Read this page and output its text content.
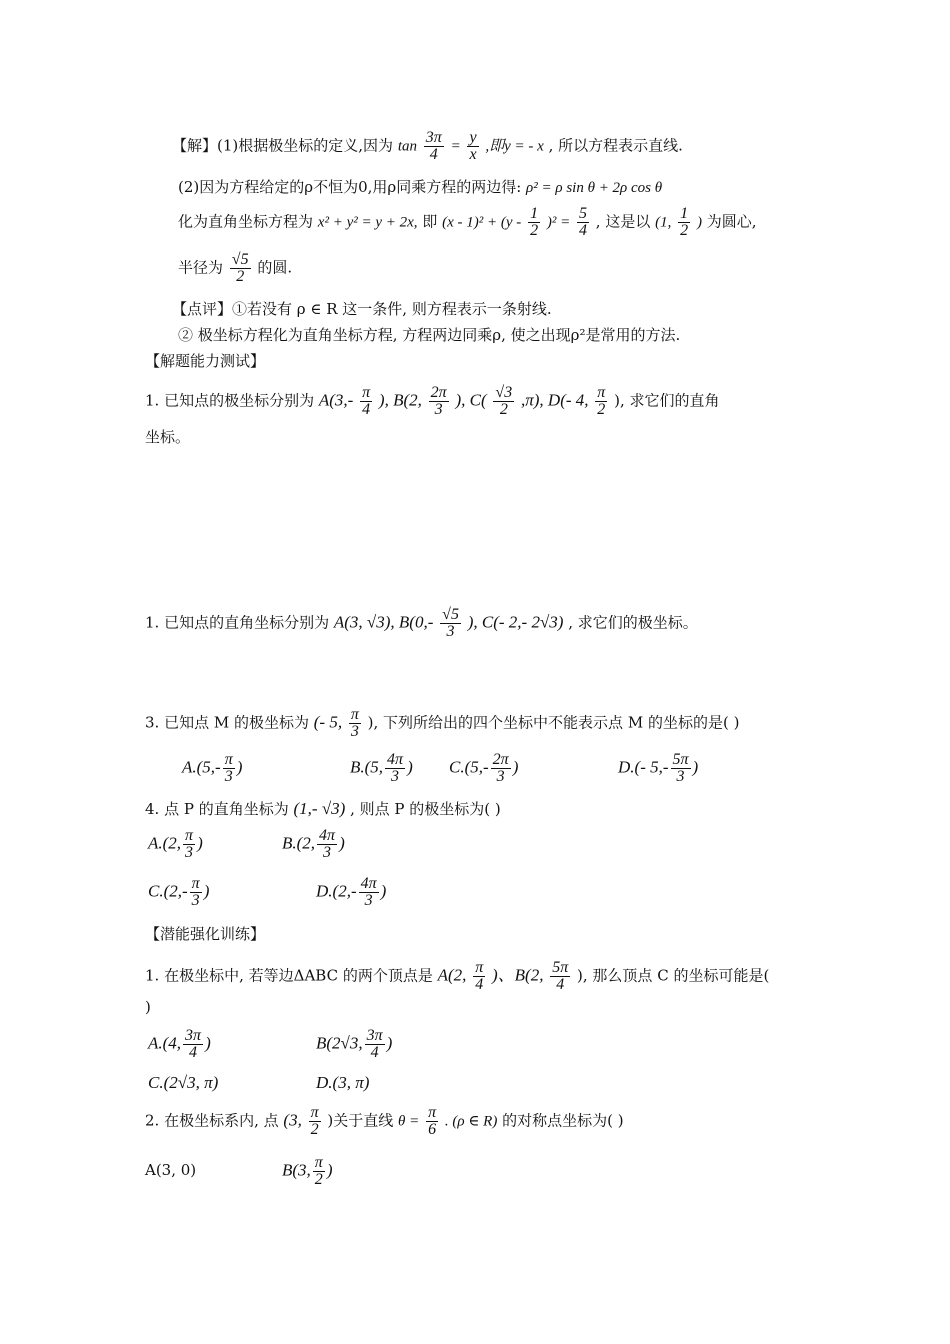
【解】(1)根据极坐标的定义,因为 $\tan \frac{3\pi}{4} = \frac{y}{x}$ ,即y = - x , 所以方程表示直线.
(2)因为方程给定的ρ不恒为0,用ρ同乘方程的两边得: ρ² = ρ sin θ + 2ρ cos θ
化为直角坐标方程为 x² + y² = y + 2x, 即 $(x - 1)^2 + (y - \frac{1}{2} )^2 = \frac{5}{4}$ , 这是以 (1, $\frac{1}{2}$ ) 为圆心,
半径为 $\frac{√5}{2}$ 的圆.
【点评】①若没有 ρ ∈ R 这一条件, 则方程表示一条射线.
② 极坐标方程化为直角坐标方程, 方程两边同乘ρ, 使之出现ρ²是常用的方法.
【解题能力测试】
1. 已知点的极坐标分别为 $A(3,- \frac{\pi}{4}$ ), B(2, $\frac{2\pi}{3}$ ), $C( \frac{√3}{2} ,\pi)$, D(- 4, $\frac{\pi}{2}$ ), 求它们的直角
坐标。
1. 已知点的直角坐标分别为 A(3, √3), $B(0,- \frac{√5}{3}$ ), C(- 2,- 2√3) , 求它们的极坐标。
3. 已知点 M 的极坐标为 (- 5, $\frac{\pi}{3}$ ), 下列所给出的四个坐标中不能表示点 M 的坐标的是( )
$A.(5,- \frac{\pi}{3}$ )	B.(5, $\frac{4\pi}{3}$ ) $C.(5,- \frac{2\pi}{3}$ )	D.(- $5,- \frac{5\pi}{3}$ )
4. 点 P 的直角坐标为 (1,- √3) , 则点 P 的极坐标为( )
A.(2, $\frac{\pi}{3}$ )	B.(2, $\frac{4\pi}{3}$ )
$C.(2,- \frac{\pi}{3}$ )	$D.(2,- \frac{4\pi}{3}$ )
【潜能强化训练】
1. 在极坐标中, 若等边ΔABC 的两个顶点是 A(2, $\frac{\pi}{4}$ )、B(2, $\frac{5\pi}{4}$ ), 那么顶点 C 的坐标可能是(
)
A.(4, $\frac{3\pi}{4}$ )	B(2√3, $\frac{3\pi}{4}$ )
C.(2√3, π)	D.(3, π)
2. 在极坐标系内, 点 (3, $\frac{\pi}{2}$ )关于直线 $\theta = \frac{\pi}{6}$ . (ρ ∈ R) 的对称点坐标为( )
A(3, 0)	B(3, $\frac{\pi}{2}$ )
